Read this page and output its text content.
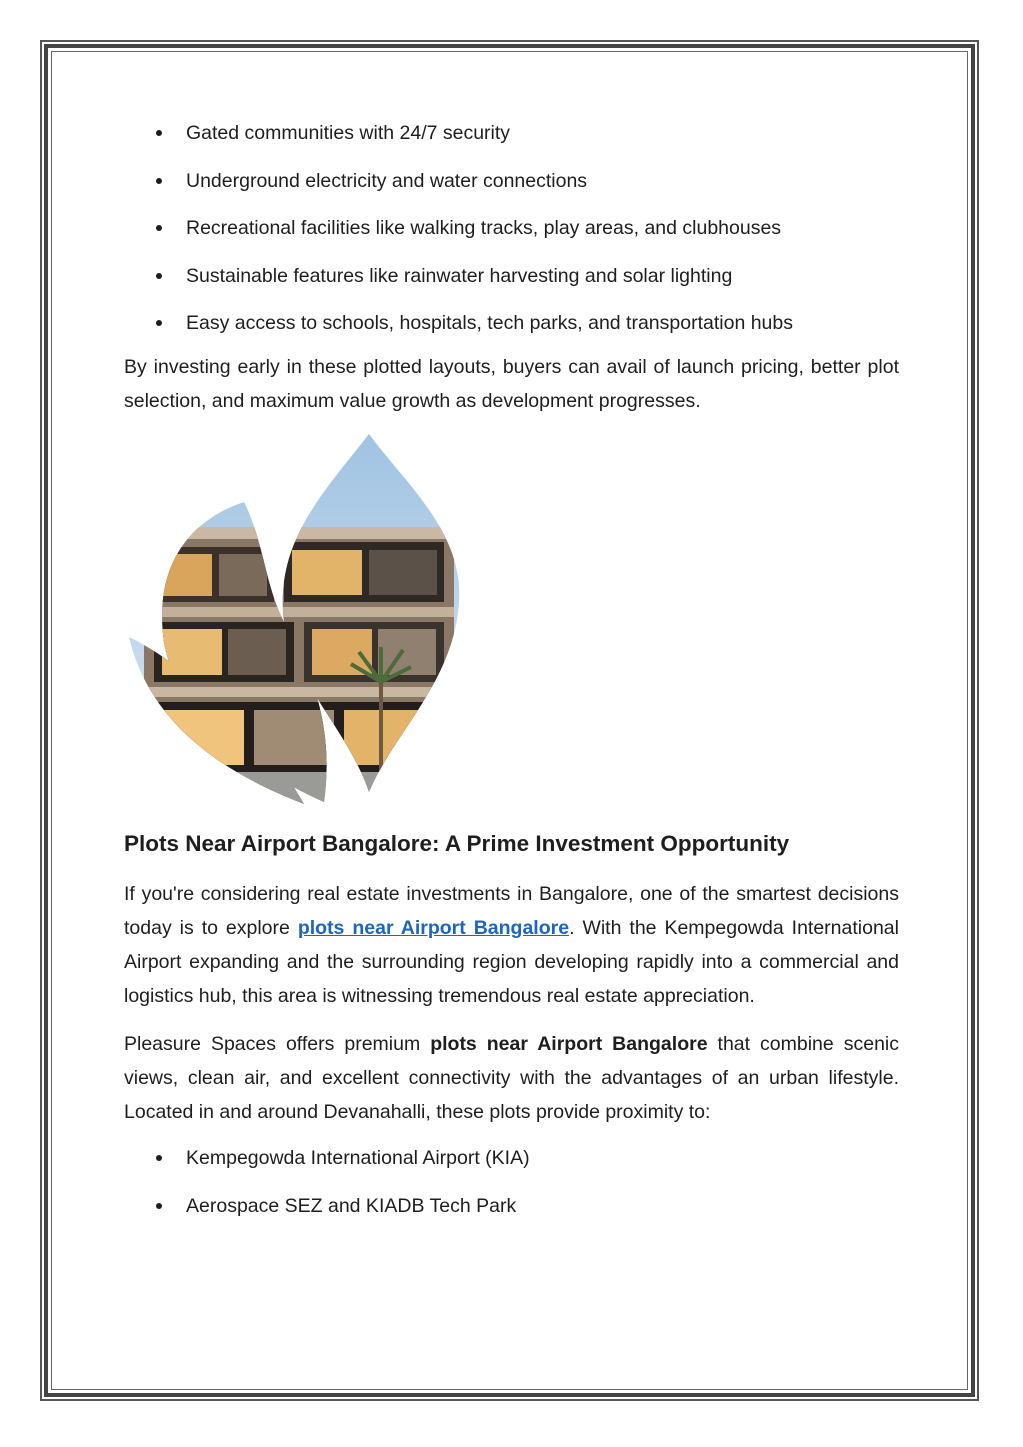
Gated communities with 24/7 security
Underground electricity and water connections
Recreational facilities like walking tracks, play areas, and clubhouses
Sustainable features like rainwater harvesting and solar lighting
Easy access to schools, hospitals, tech parks, and transportation hubs

By investing early in these plotted layouts, buyers can avail of launch pricing, better plot selection, and maximum value growth as development progresses.

Plots Near Airport Bangalore: A Prime Investment Opportunity

If you're considering real estate investments in Bangalore, one of the smartest decisions today is to explore plots near Airport Bangalore. With the Kempegowda International Airport expanding and the surrounding region developing rapidly into a commercial and logistics hub, this area is witnessing tremendous real estate appreciation.

Pleasure Spaces offers premium plots near Airport Bangalore that combine scenic views, clean air, and excellent connectivity with the advantages of an urban lifestyle. Located in and around Devanahalli, these plots provide proximity to:

Kempegowda International Airport (KIA)
Aerospace SEZ and KIADB Tech Park
